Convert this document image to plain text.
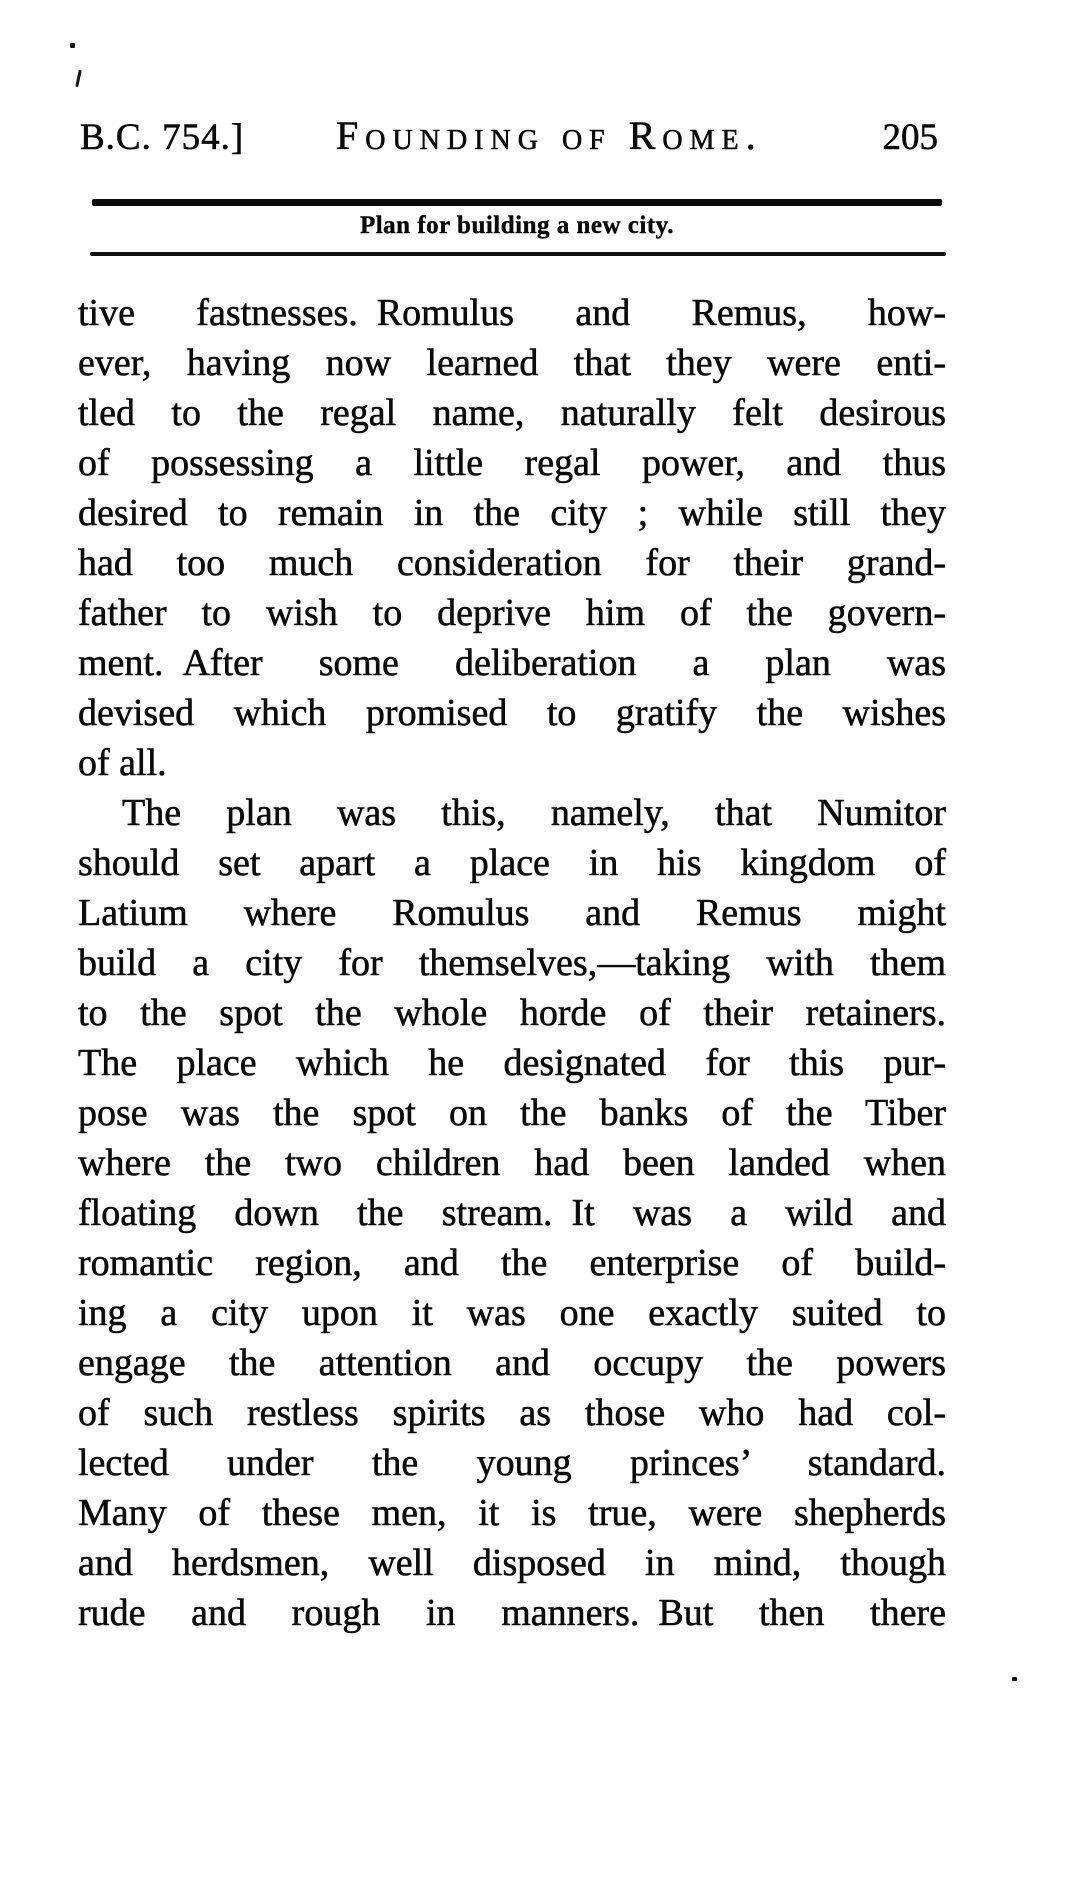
B.C. 754.] Founding of Rome.	205
Plan for building a new city.
tive fastnesses. Romulus and Remus, how-
ever, having now learned that they were enti-
tled to the regal name, naturally felt desirous
of possessing a little regal power, and thus
desired to remain in the city ; while still they
had too much consideration for their grand-
father to wish to deprive him of the govern-
ment. After some deliberation a plan was
devised which promised to gratify the wishes
of all.
The plan was this, namely, that Numitor
should set apart a place in his kingdom of
Latium where Romulus and Remus might
build a city for themselves,—taking with them
to the spot the whole horde of their retainers.
The place which he designated for this pur-
pose was the spot on the banks of the Tiber
where the two children had been landed when
floating down the stream. It was a wild and
romantic region, and the enterprise of build-
ing a city upon it was one exactly suited to
engage the attention and occupy the powers
of such restless spirits as those who had col-
lected under the young princes’ standard.
Many of these men, it is true, were shepherds
and herdsmen, well disposed in mind, though
rude and rough in manners. But then there
